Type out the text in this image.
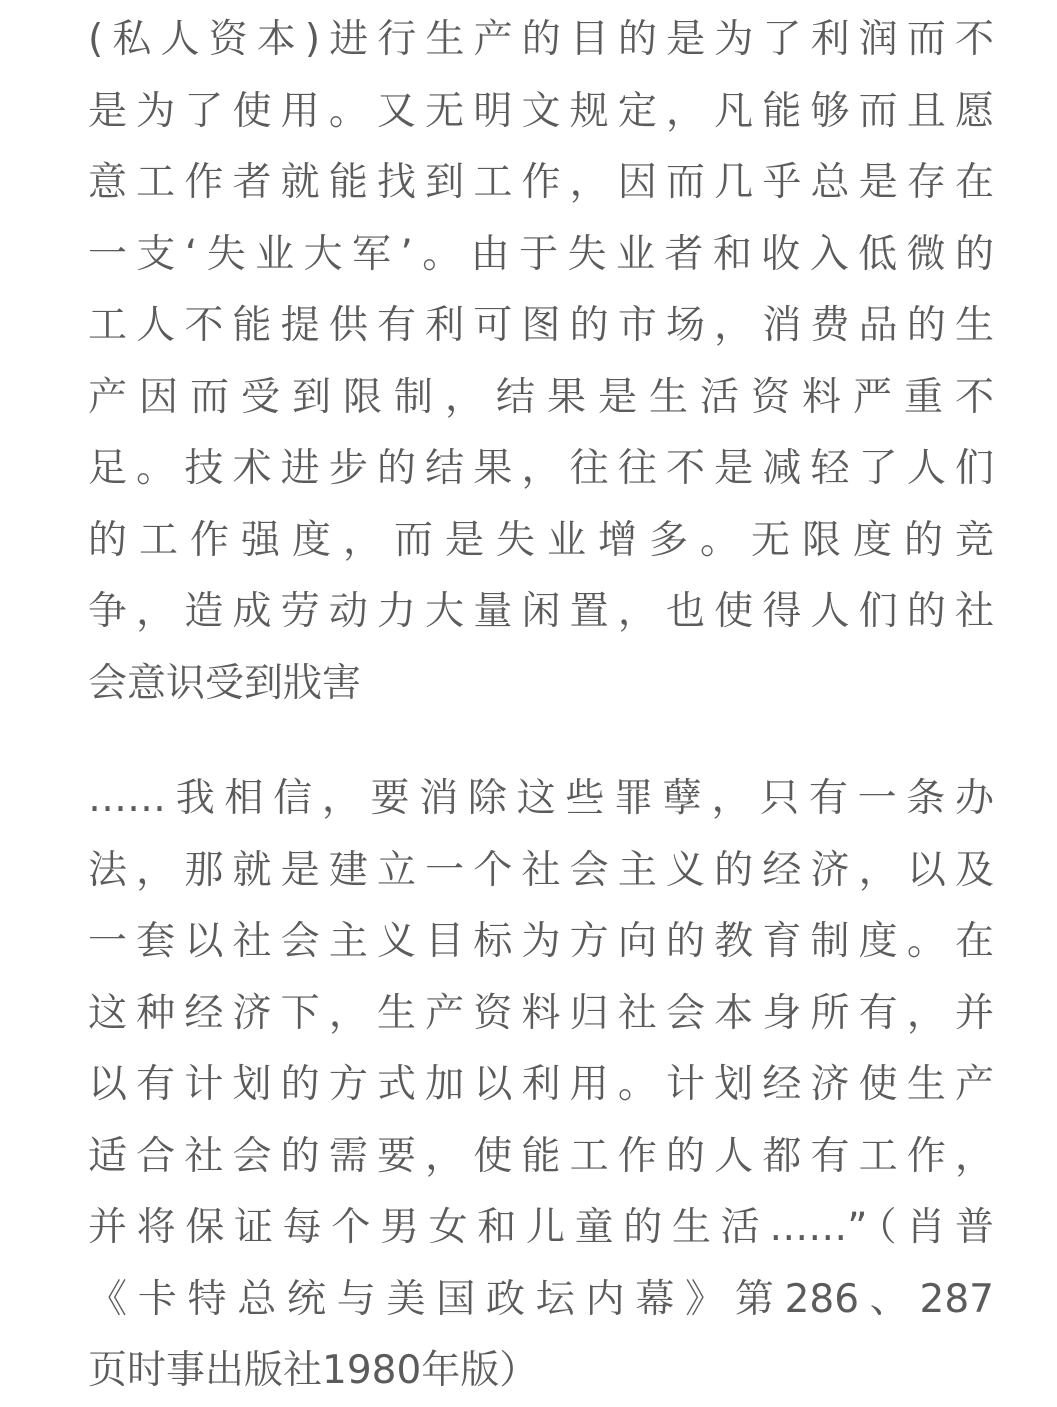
(私人资本)进行生产的目的是为了利润而不
是为了使用。又无明文规定，凡能够而且愿
意工作者就能找到工作，因而几乎总是存在
一支‘失业大军’。由于失业者和收入低微的
工人不能提供有利可图的市场，消费品的生
产因而受到限制，结果是生活资料严重不
足。技术进步的结果，往往不是减轻了人们
的工作强度，而是失业增多。无限度的竞
争，造成劳动力大量闲置，也使得人们的社
会意识受到戕害
……我相信，要消除这些罪孽，只有一条办
法，那就是建立一个社会主义的经济，以及
一套以社会主义目标为方向的教育制度。在
这种经济下，生产资料归社会本身所有，并
以有计划的方式加以利用。计划经济使生产
适合社会的需要，使能工作的人都有工作，
并将保证每个男女和儿童的生活……”（肖普
《卡特总统与美国政坛内幕》第286、287
页时事出版社1980年版）
